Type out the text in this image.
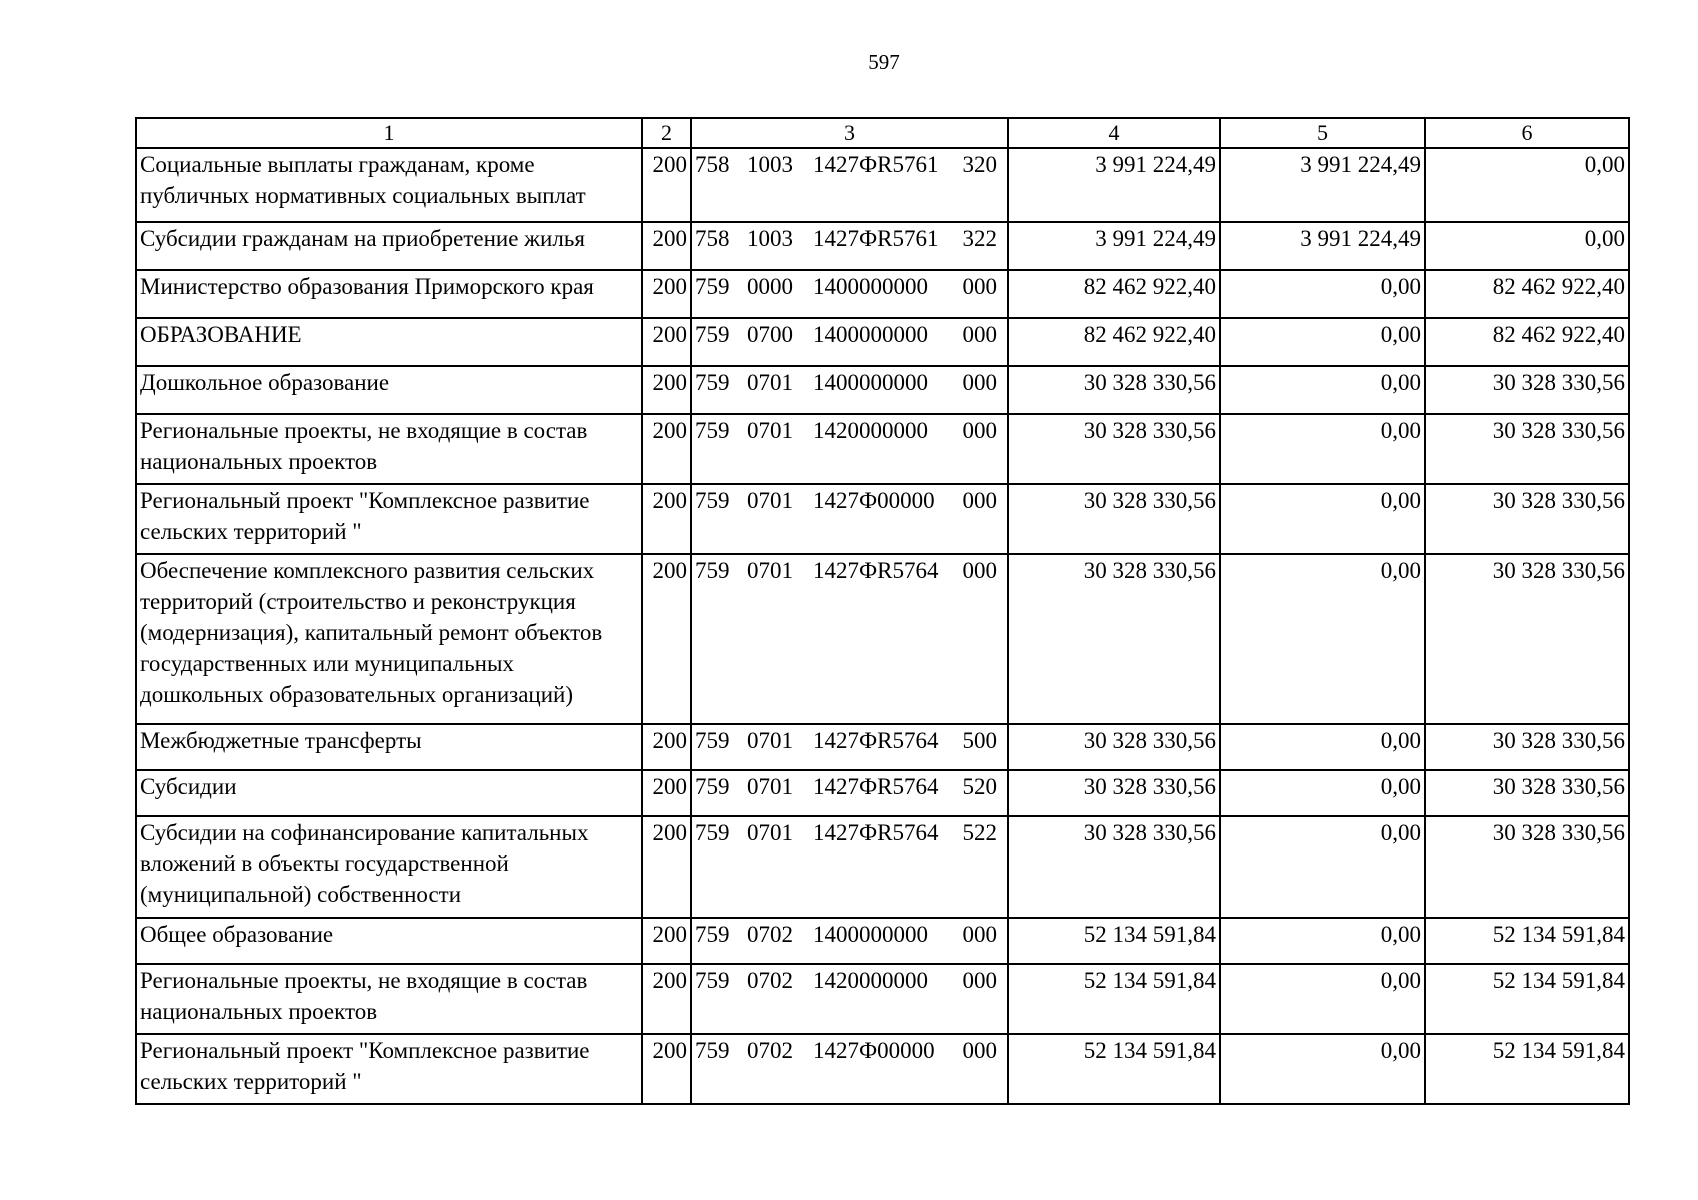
597
1	2	3	4	5	6
Социальные выплаты гражданам, кроме публичных нормативных социальных выплат	200	758 1003 1427ФR5761 320	3 991 224,49	3 991 224,49	0,00
Субсидии гражданам на приобретение жилья	200	758 1003 1427ФR5761 322	3 991 224,49	3 991 224,49	0,00
Министерство образования Приморского края	200	759 0000 1400000000 000	82 462 922,40	0,00	82 462 922,40
ОБРАЗОВАНИЕ	200	759 0700 1400000000 000	82 462 922,40	0,00	82 462 922,40
Дошкольное образование	200	759 0701 1400000000 000	30 328 330,56	0,00	30 328 330,56
Региональные проекты, не входящие в состав национальных проектов	200	759 0701 1420000000 000	30 328 330,56	0,00	30 328 330,56
Региональный проект "Комплексное развитие сельских территорий "	200	759 0701 1427Ф00000 000	30 328 330,56	0,00	30 328 330,56
Обеспечение комплексного развития сельских территорий (строительство и реконструкция (модернизация), капитальный ремонт объектов государственных или муниципальных дошкольных образовательных организаций)	200	759 0701 1427ФR5764 000	30 328 330,56	0,00	30 328 330,56
Межбюджетные трансферты	200	759 0701 1427ФR5764 500	30 328 330,56	0,00	30 328 330,56
Субсидии	200	759 0701 1427ФR5764 520	30 328 330,56	0,00	30 328 330,56
Субсидии на софинансирование капитальных вложений в объекты государственной (муниципальной) собственности	200	759 0701 1427ФR5764 522	30 328 330,56	0,00	30 328 330,56
Общее образование	200	759 0702 1400000000 000	52 134 591,84	0,00	52 134 591,84
Региональные проекты, не входящие в состав национальных проектов	200	759 0702 1420000000 000	52 134 591,84	0,00	52 134 591,84
Региональный проект "Комплексное развитие сельских территорий "	200	759 0702 1427Ф00000 000	52 134 591,84	0,00	52 134 591,84
